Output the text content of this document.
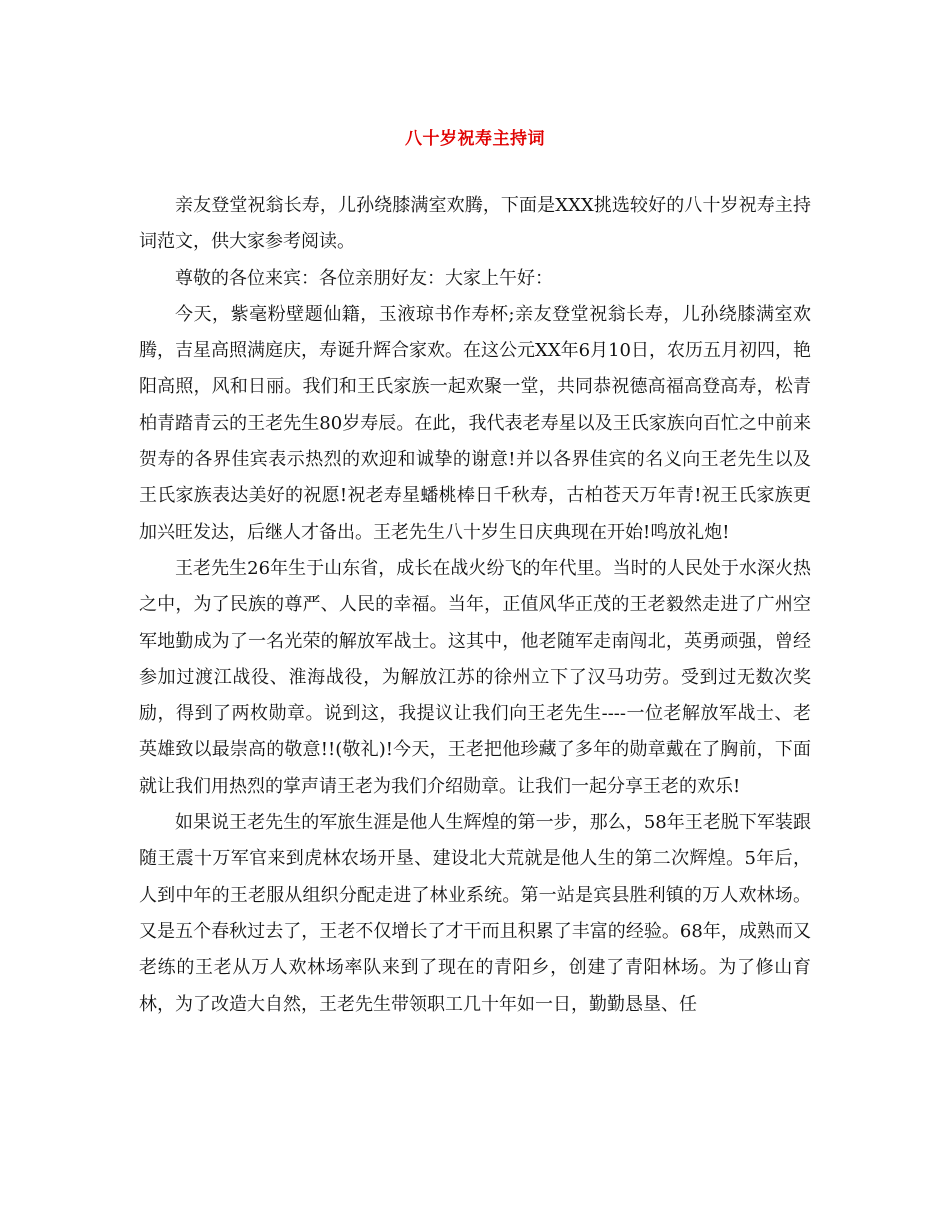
八十岁祝寿主持词

亲友登堂祝翁长寿，儿孙绕膝满室欢腾，下面是XXX挑选较好的八十岁祝寿主持词范文，供大家参考阅读。

尊敬的各位来宾：各位亲朋好友：大家上午好：

今天，紫毫粉壁题仙籍，玉液琼书作寿杯;亲友登堂祝翁长寿，儿孙绕膝满室欢腾，吉星高照满庭庆，寿诞升辉合家欢。在这公元XX年6月10日，农历五月初四，艳阳高照，风和日丽。我们和王氏家族一起欢聚一堂，共同恭祝德高福高登高寿，松青柏青踏青云的王老先生80岁寿辰。在此，我代表老寿星以及王氏家族向百忙之中前来贺寿的各界佳宾表示热烈的欢迎和诚挚的谢意!并以各界佳宾的名义向王老先生以及王氏家族表达美好的祝愿!祝老寿星蟠桃棒日千秋寿，古柏苍天万年青!祝王氏家族更加兴旺发达，后继人才备出。王老先生八十岁生日庆典现在开始!鸣放礼炮!

王老先生26年生于山东省，成长在战火纷飞的年代里。当时的人民处于水深火热之中，为了民族的尊严、人民的幸福。当年，正值风华正茂的王老毅然走进了广州空军地勤成为了一名光荣的解放军战士。这其中，他老随军走南闯北，英勇顽强，曾经参加过渡江战役、淮海战役，为解放江苏的徐州立下了汉马功劳。受到过无数次奖励，得到了两枚勋章。说到这，我提议让我们向王老先生----一位老解放军战士、老英雄致以最崇高的敬意!!(敬礼)!今天，王老把他珍藏了多年的勋章戴在了胸前，下面就让我们用热烈的掌声请王老为我们介绍勋章。让我们一起分享王老的欢乐!

如果说王老先生的军旅生涯是他人生辉煌的第一步，那么，58年王老脱下军装跟随王震十万军官来到虎林农场开垦、建设北大荒就是他人生的第二次辉煌。5年后，人到中年的王老服从组织分配走进了林业系统。第一站是宾县胜利镇的万人欢林场。又是五个春秋过去了，王老不仅增长了才干而且积累了丰富的经验。68年，成熟而又老练的王老从万人欢林场率队来到了现在的青阳乡，创建了青阳林场。为了修山育林，为了改造大自然，王老先生带领职工几十年如一日，勤勤恳垦、任
